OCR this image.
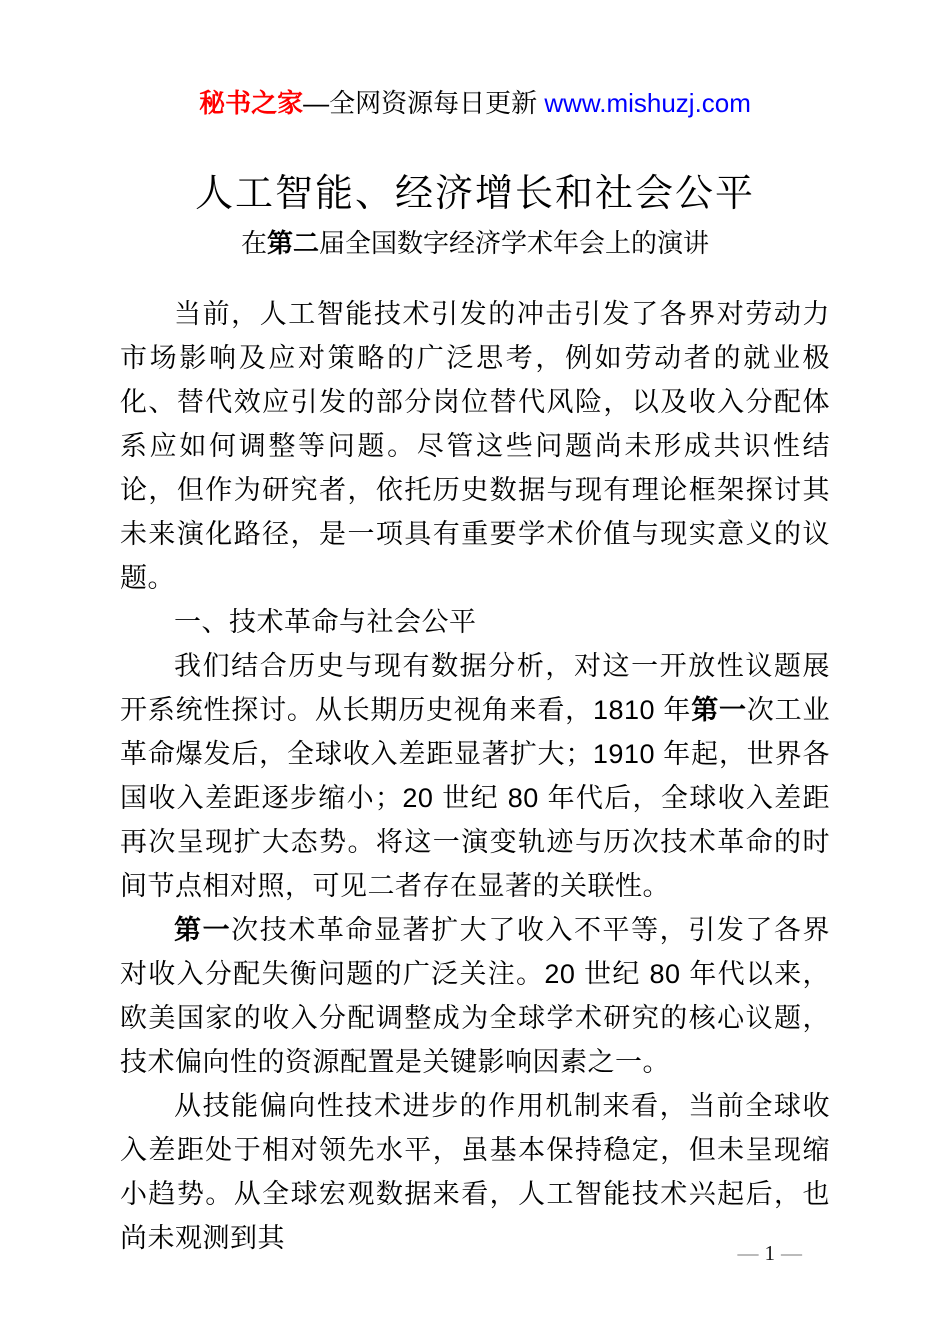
秘书之家—全网资源每日更新 www.mishuzj.com
人工智能、经济增长和社会公平
在第二届全国数字经济学术年会上的演讲
当前，人工智能技术引发的冲击引发了各界对劳动力市场影响及应对策略的广泛思考，例如劳动者的就业极化、替代效应引发的部分岗位替代风险，以及收入分配体系应如何调整等问题。尽管这些问题尚未形成共识性结论，但作为研究者，依托历史数据与现有理论框架探讨其未来演化路径，是一项具有重要学术价值与现实意义的议题。
一、技术革命与社会公平
我们结合历史与现有数据分析，对这一开放性议题展开系统性探讨。从长期历史视角来看，1810 年第一次工业革命爆发后，全球收入差距显著扩大；1910 年起，世界各国收入差距逐步缩小；20 世纪 80 年代后，全球收入差距再次呈现扩大态势。将这一演变轨迹与历次技术革命的时间节点相对照，可见二者存在显著的关联性。
第一次技术革命显著扩大了收入不平等，引发了各界对收入分配失衡问题的广泛关注。20 世纪 80 年代以来，欧美国家的收入分配调整成为全球学术研究的核心议题，技术偏向性的资源配置是关键影响因素之一。
从技能偏向性技术进步的作用机制来看，当前全球收入差距处于相对领先水平，虽基本保持稳定，但未呈现缩小趋势。从全球宏观数据来看，人工智能技术兴起后，也尚未观测到其	— 1 —
